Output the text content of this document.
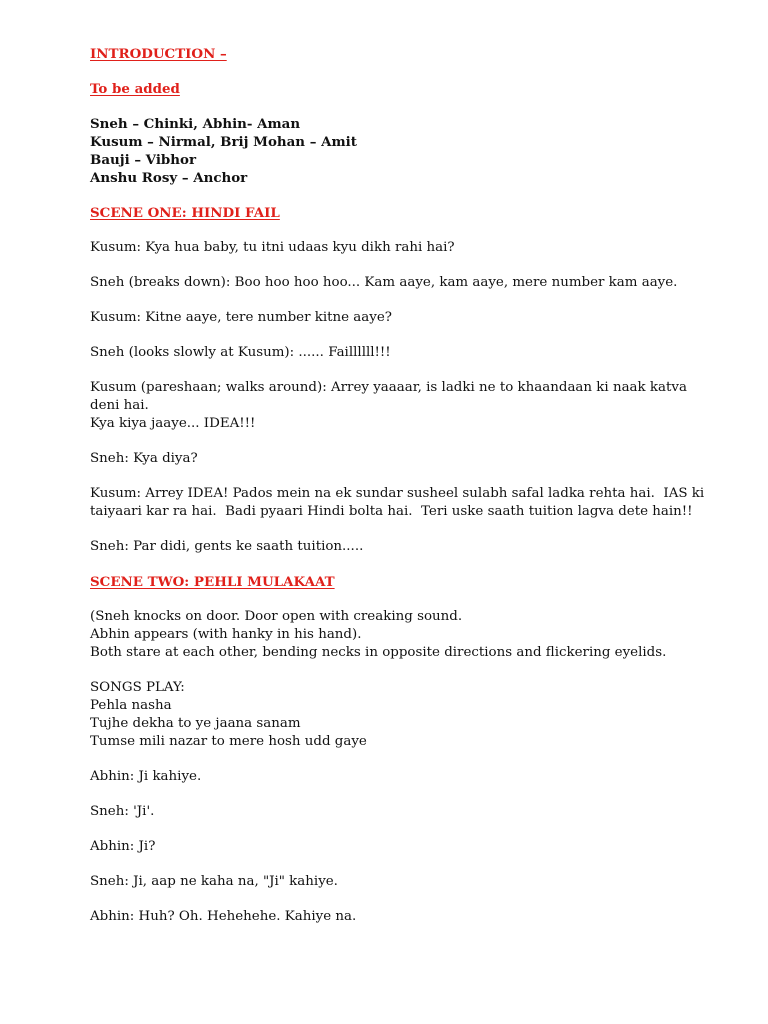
INTRODUCTION –

To be added

Sneh – Chinki, Abhin- Aman

Kusum – Nirmal, Brij Mohan – Amit

Bauji – Vibhor

Anshu Rosy – Anchor

SCENE ONE: HINDI FAIL

Kusum: Kya hua baby, tu itni udaas kyu dikh rahi hai?

Sneh (breaks down): Boo hoo hoo hoo... Kam aaye, kam aaye, mere number kam aaye.

Kusum: Kitne aaye, tere number kitne aaye?

Sneh (looks slowly at Kusum): ...... Faillllll!!!

Kusum (pareshaan; walks around): Arrey yaaaar, is ladki ne to khaandaan ki naak katva

deni hai.

Kya kiya jaaye... IDEA!!!

Sneh: Kya diya?

Kusum: Arrey IDEA! Pados mein na ek sundar susheel sulabh safal ladka rehta hai.  IAS ki

taiyaari kar ra hai.  Badi pyaari Hindi bolta hai.  Teri uske saath tuition lagva dete hain!!

Sneh: Par didi, gents ke saath tuition.....

SCENE TWO: PEHLI MULAKAAT

(Sneh knocks on door. Door open with creaking sound.

Abhin appears (with hanky in his hand).

Both stare at each other, bending necks in opposite directions and flickering eyelids.

SONGS PLAY:

Pehla nasha

Tujhe dekha to ye jaana sanam

Tumse mili nazar to mere hosh udd gaye

Abhin: Ji kahiye.

Sneh: 'Ji'.

Abhin: Ji?

Sneh: Ji, aap ne kaha na, "Ji" kahiye.

Abhin: Huh? Oh. Hehehehe. Kahiye na.
